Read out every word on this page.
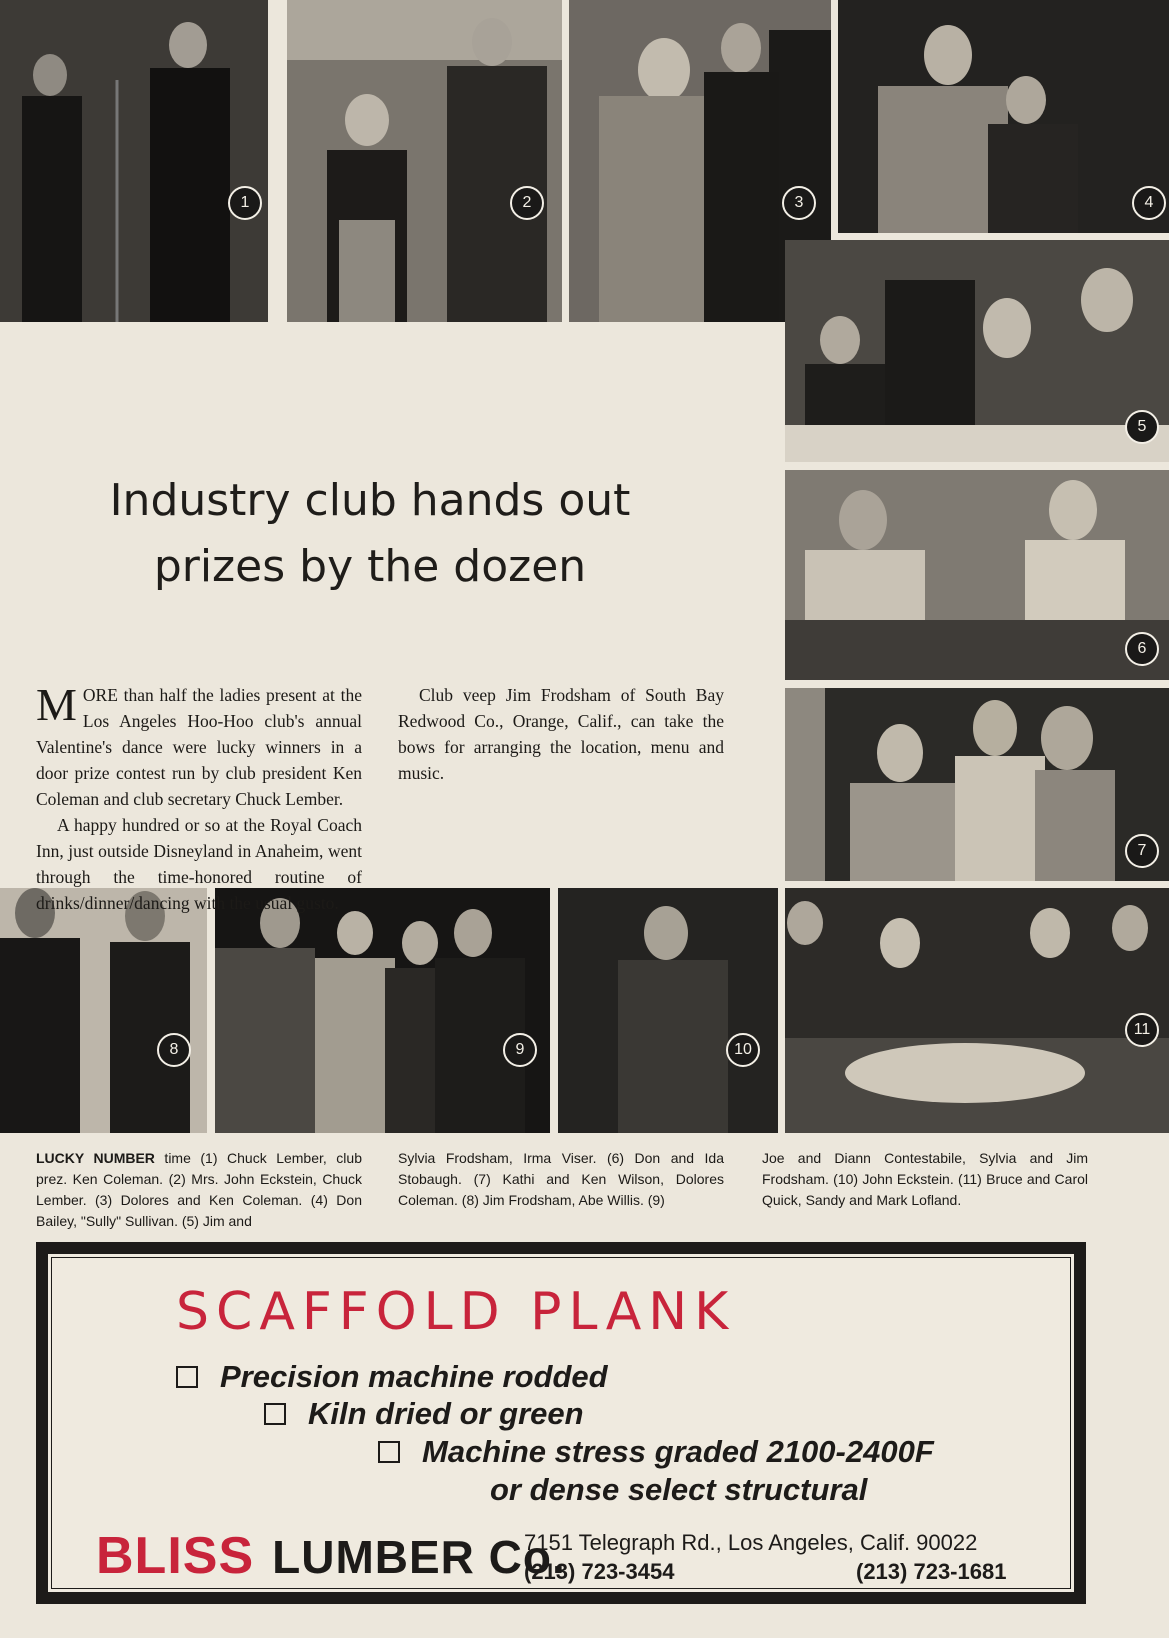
1	2	3	4
5
6
7
8	9	10
11
Industry club hands out
prizes by the dozen

MORE than half the ladies present at the Los Angeles Hoo-Hoo club's annual Valentine's dance were lucky winners in a door prize contest run by club president Ken Coleman and club secretary Chuck Lember.

A happy hundred or so at the Royal Coach Inn, just outside Disneyland in Anaheim, went through the time-honored routine of drinks/dinner/dancing with the usual gusto.

Club veep Jim Frodsham of South Bay Redwood Co., Orange, Calif., can take the bows for arranging the location, menu and music.

LUCKY NUMBER time (1) Chuck Lember, club prez. Ken Coleman. (2) Mrs. John Eckstein, Chuck Lember. (3) Dolores and Ken Coleman. (4) Don Bailey, "Sully" Sullivan. (5) Jim and

Sylvia Frodsham, Irma Viser. (6) Don and Ida Stobaugh. (7) Kathi and Ken Wilson, Dolores Coleman. (8) Jim Frodsham, Abe Willis. (9)

Joe and Diann Contestabile, Sylvia and Jim Frodsham. (10) John Eckstein. (11) Bruce and Carol Quick, Sandy and Mark Lofland.

SCAFFOLD PLANK
Precision machine rodded
Kiln dried or green
Machine stress graded 2100-2400F
or dense select structural
BLISS LUMBER Co.
7151 Telegraph Rd., Los Angeles, Calif. 90022
(213) 723-3454	(213) 723-1681
